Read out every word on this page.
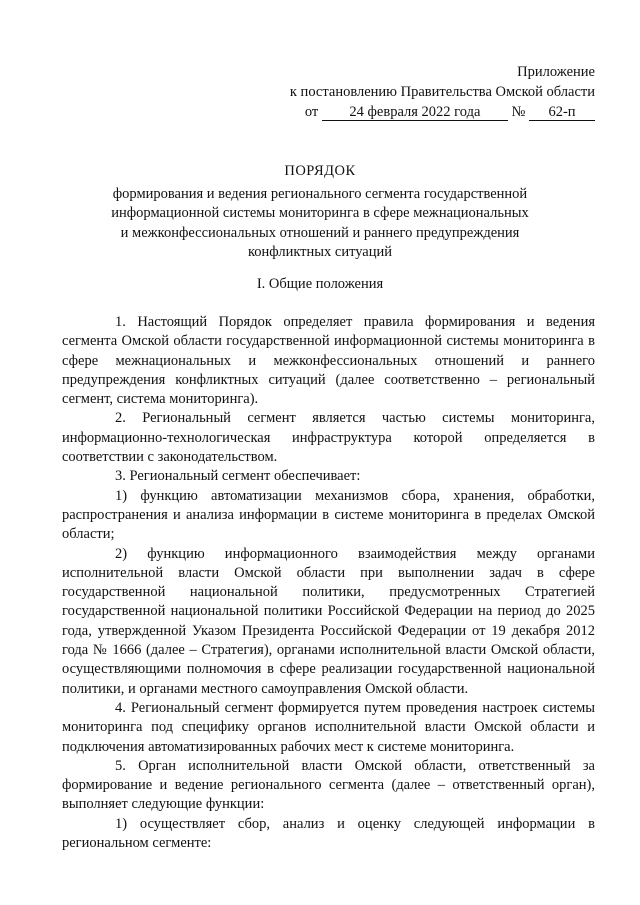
Приложение
к постановлению Правительства Омской области
от 24 февраля 2022 года № 62-п
ПОРЯДОК
формирования и ведения регионального сегмента государственной
информационной системы мониторинга в сфере межнациональных
и межконфессиональных отношений и раннего предупреждения
конфликтных ситуаций
I. Общие положения

1. Настоящий Порядок определяет правила формирования и ведения сегмента Омской области государственной информационной системы мониторинга в сфере межнациональных и межконфессиональных отношений и раннего предупреждения конфликтных ситуаций (далее соответственно – региональный сегмент, система мониторинга).

2. Региональный сегмент является частью системы мониторинга, информационно-технологическая инфраструктура которой определяется в соответствии с законодательством.

3. Региональный сегмент обеспечивает:

1) функцию автоматизации механизмов сбора, хранения, обработки, распространения и анализа информации в системе мониторинга в пределах Омской области;

2) функцию информационного взаимодействия между органами исполнительной власти Омской области при выполнении задач в сфере государственной национальной политики, предусмотренных Стратегией государственной национальной политики Российской Федерации на период до 2025 года, утвержденной Указом Президента Российской Федерации от 19 декабря 2012 года № 1666 (далее – Стратегия), органами исполнительной власти Омской области, осуществляющими полномочия в сфере реализации государственной национальной политики, и органами местного самоуправления Омской области.

4. Региональный сегмент формируется путем проведения настроек системы мониторинга под специфику органов исполнительной власти Омской области и подключения автоматизированных рабочих мест к системе мониторинга.

5. Орган исполнительной власти Омской области, ответственный за формирование и ведение регионального сегмента (далее – ответственный орган), выполняет следующие функции:

1) осуществляет сбор, анализ и оценку следующей информации в региональном сегменте:
